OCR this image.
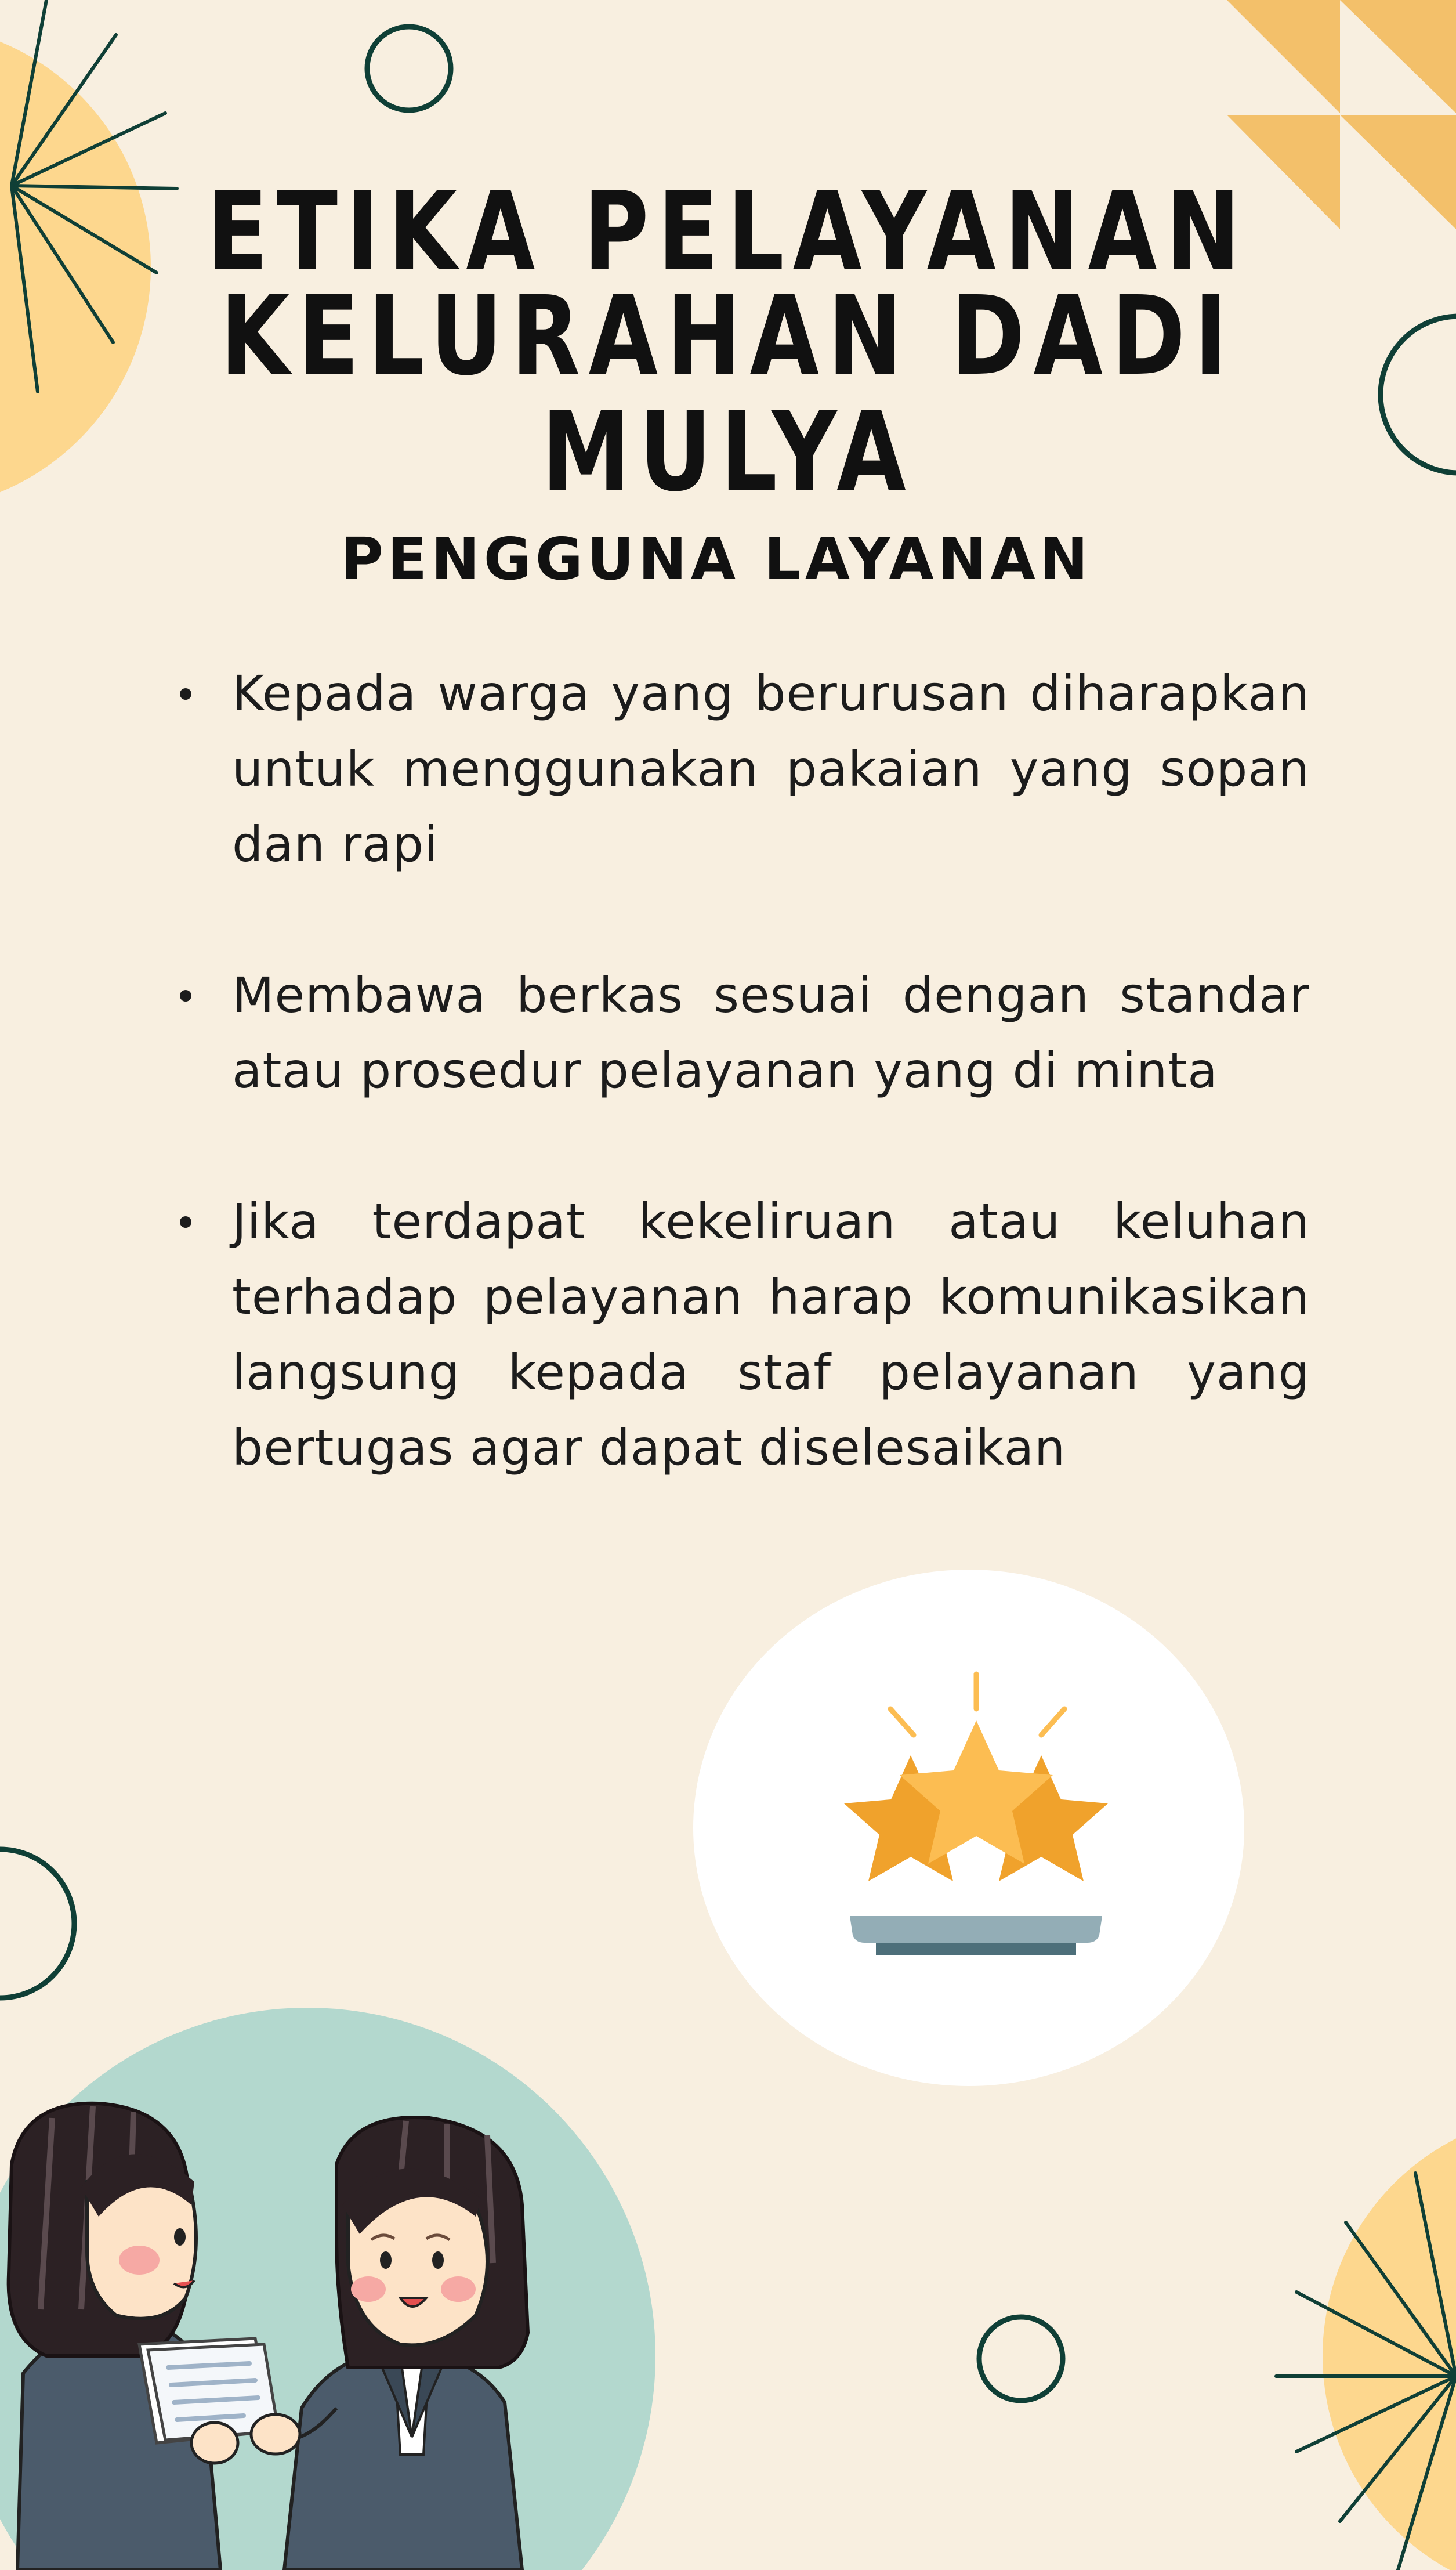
ETIKA PELAYANAN
KELURAHAN DADI MULYA
PENGGUNA LAYANAN
Kepada warga yang berurusan diharapkan untuk menggunakan pakaian yang sopan dan rapi
Membawa berkas sesuai dengan standar atau prosedur pelayanan yang di minta
Jika terdapat kekeliruan atau keluhan terhadap pelayanan harap komunikasikan langsung kepada staf pelayanan yang bertugas agar dapat diselesaikan
